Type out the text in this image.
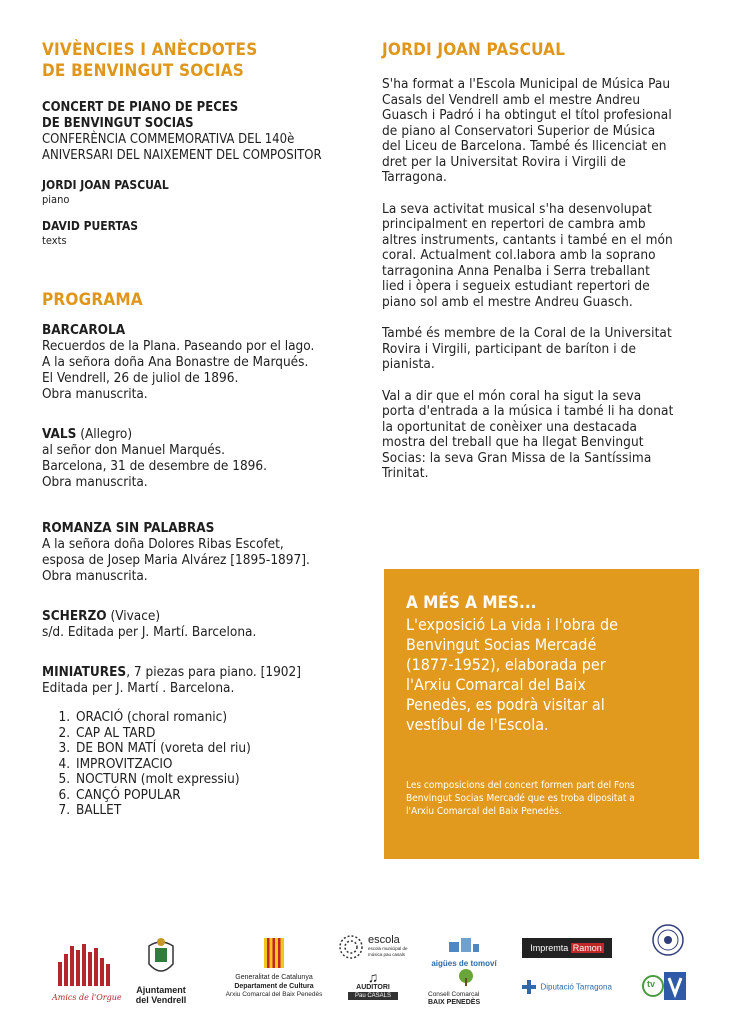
VIVÈNCIES I ANÈCDOTES
DE BENVINGUT SOCIAS
CONCERT DE PIANO DE PECES
DE BENVINGUT SOCIAS
CONFERÈNCIA COMMEMORATIVA DEL 140è
ANIVERSARI DEL NAIXEMENT DEL COMPOSITOR
JORDI JOAN PASCUAL
piano
DAVID PUERTAS
texts
PROGRAMA
BARCAROLA
Recuerdos de la Plana. Paseando por el lago.
A la señora doña Ana Bonastre de Marqués.
El Vendrell, 26 de juliol de 1896.
Obra manuscrita.
VALS (Allegro)
al señor don Manuel Marqués.
Barcelona, 31 de desembre de 1896.
Obra manuscrita.
ROMANZA SIN PALABRAS
A la señora doña Dolores Ribas Escofet,
esposa de Josep Maria Alvárez [1895-1897].
Obra manuscrita.
SCHERZO (Vivace)
s/d. Editada per J. Martí. Barcelona.
MINIATURES, 7 piezas para piano. [1902]
Editada per J. Martí . Barcelona.
1. ORACIÓ (choral romanic)
2. CAP AL TARD
3. DE BON MATÍ (voreta del riu)
4. IMPROVITZACIO
5. NOCTURN (molt expressiu)
6. CANÇÓ POPULAR
7. BALLET
JORDI JOAN PASCUAL

S'ha format a l'Escola Municipal de Música Pau
Casals del Vendrell amb el mestre Andreu
Guasch i Padró i ha obtingut el títol profesional
de piano al Conservatori Superior de Música
del Liceu de Barcelona. També és llicenciat en
dret per la Universitat Rovira i Virgili de
Tarragona.

La seva activitat musical s'ha desenvolupat
principalment en repertori de cambra amb
altres instruments, cantants i també en el món
coral. Actualment col.labora amb la soprano
tarragonina Anna Penalba i Serra treballant
lied i òpera i segueix estudiant repertori de
piano sol amb el mestre Andreu Guasch.

També és membre de la Coral de la Universitat
Rovira i Virgili, participant de baríton i de
pianista.

Val a dir que el món coral ha sigut la seva
porta d'entrada a la música i també li ha donat
la oportunitat de conèixer una destacada
mostra del treball que ha llegat Benvingut
Socias: la seva Gran Missa de la Santíssima
Trinitat.

A MÉS A MES...
L'exposició La vida i l'obra de
Benvingut Socias Mercadé
(1877-1952), elaborada per
l'Arxiu Comarcal del Baix
Penedès, es podrà visitar al
vestíbul de l'Escola.
Les composicions del concert formen part del Fons
Benvingut Socias Mercadé que es troba dipositat a
l'Arxiu Comarcal del Baix Penedès.
Amics de l'Orgue
Ajuntament
del Vendrell
Generalitat de Catalunya
Departament de Cultura
Arxiu Comarcal del Baix Penedès
escola
escola municipal de música pau casals
♫
AUDITORI
Pau CASALS
aigües de tomoví
Consell Comarcal
BAIX PENEDÈS
Impremta Ramon
Diputació Tarragona	tv
